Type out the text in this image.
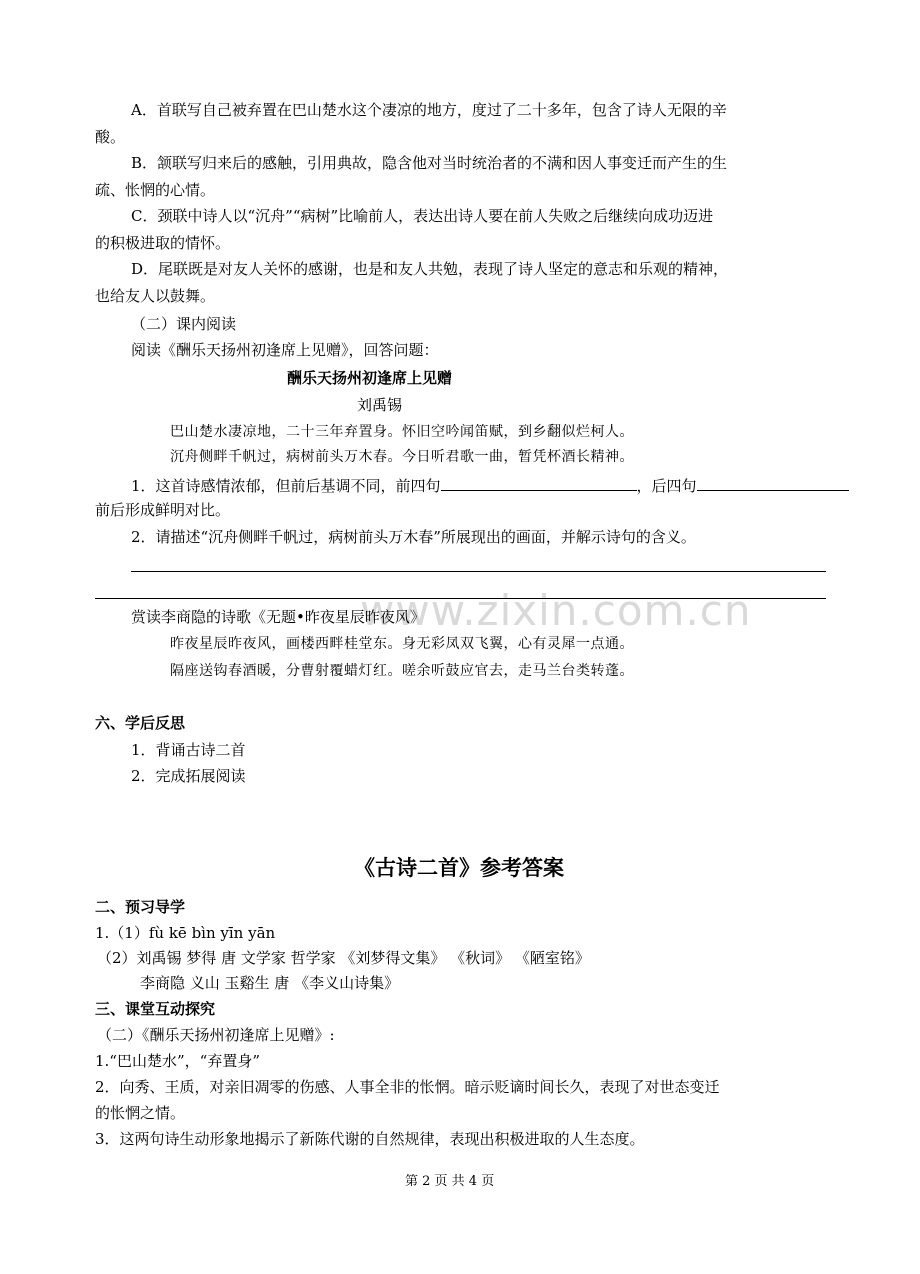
A．首联写自己被弃置在巴山楚水这个凄凉的地方，度过了二十多年，包含了诗人无限的辛
酸。
B．颔联写归来后的感触，引用典故，隐含他对当时统治者的不满和因人事变迁而产生的生
疏、怅惘的心情。
C．颈联中诗人以“沉舟”“病树”比喻前人，表达出诗人要在前人失败之后继续向成功迈进
的积极进取的情怀。
D．尾联既是对友人关怀的感谢，也是和友人共勉，表现了诗人坚定的意志和乐观的精神，
也给友人以鼓舞。
（二）课内阅读
阅读《酬乐天扬州初逢席上见赠》，回答问题：
酬乐天扬州初逢席上见赠
刘禹锡
巴山楚水凄凉地，二十三年弃置身。怀旧空吟闻笛赋，到乡翻似烂柯人。
沉舟侧畔千帆过，病树前头万木春。今日听君歌一曲，暂凭杯酒长精神。
1．这首诗感情浓郁，但前后基调不同，前四句	，后四句
前后形成鲜明对比。
2．请描述“沉舟侧畔千帆过，病树前头万木春”所展现出的画面，并解示诗句的含义。
www.zixin.com.cn
赏读李商隐的诗歌《无题•昨夜星辰昨夜风》
昨夜星辰昨夜风，画楼西畔桂堂东。身无彩凤双飞翼，心有灵犀一点通。
隔座送钩春酒暖，分曹射覆蜡灯红。嗟余听鼓应官去，走马兰台类转蓬。
六、学后反思
1．背诵古诗二首
2．完成拓展阅读
《古诗二首》参考答案
二、预习导学
1.（1）fù kē bìn yīn yān
（2）刘禹锡 梦得 唐 文学家 哲学家 《刘梦得文集》 《秋词》 《陋室铭》
李商隐 义山 玉谿生 唐 《李义山诗集》
三、课堂互动探究
（二）《酬乐天扬州初逢席上见赠》:
1.“巴山楚水”，“弃置身”
2．向秀、王质，对亲旧凋零的伤感、人事全非的怅惘。暗示贬谪时间长久，表现了对世态变迁
的怅惘之情。
3．这两句诗生动形象地揭示了新陈代谢的自然规律，表现出积极进取的人生态度。
第 2 页 共 4 页
